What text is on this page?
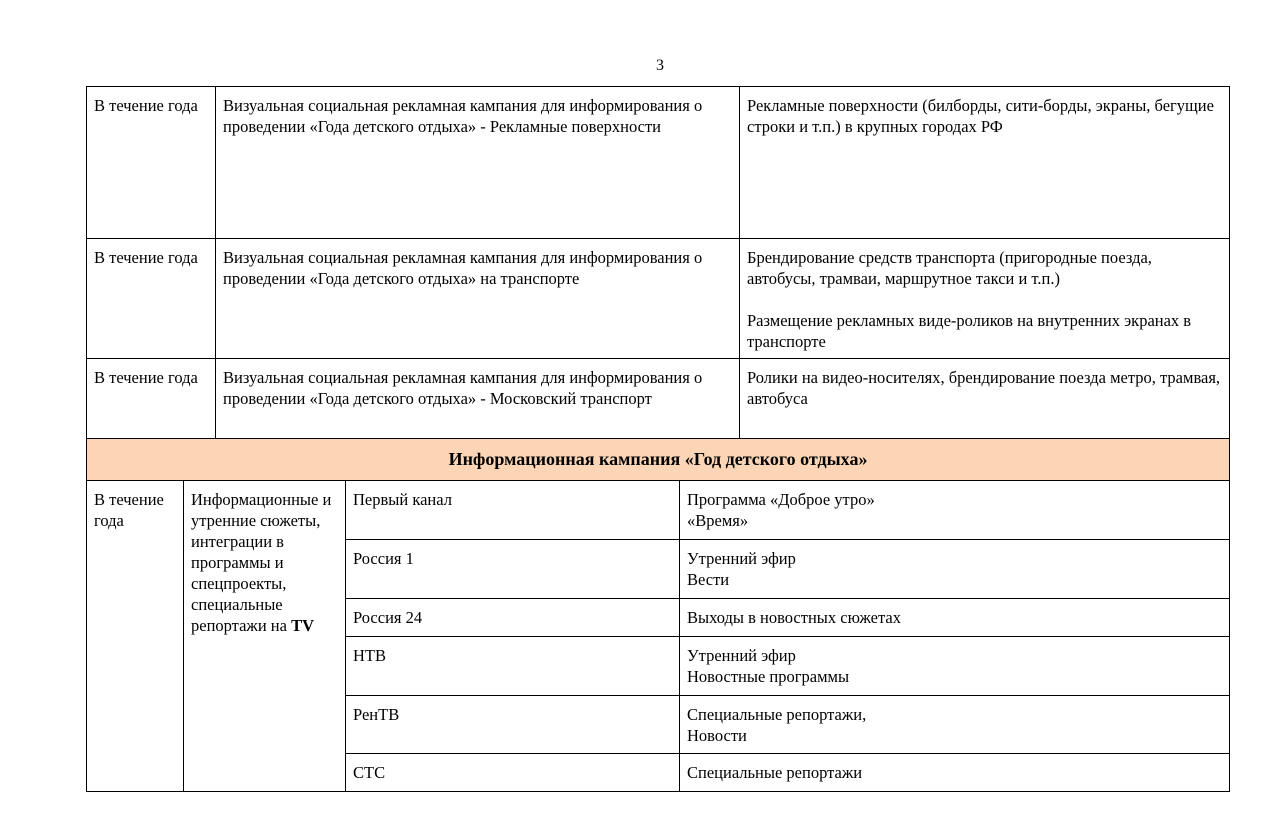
3
В течение года	Визуальная социальная рекламная кампания для информирования о проведении «Года детского отдыха» - Рекламные поверхности	Рекламные поверхности (билборды, сити-борды, экраны, бегущие строки и т.п.) в крупных городах РФ

В течение года	Визуальная социальная рекламная кампания для информирования о проведении «Года детского отдыха» на транспорте	Брендирование средств транспорта (пригородные поезда, автобусы, трамваи, маршрутное такси и т.п.)
Размещение рекламных виде-роликов на внутренних экранах в транспорте

В течение года	Визуальная социальная рекламная кампания для информирования о проведении «Года детского отдыха» - Московский транспорт	Ролики на видео-носителях, брендирование поезда метро, трамвая, автобуса
Информационная кампания «Год детского отдыха»			
В течение года	Информационные и утренние сюжеты, интеграции в программы и спецпроекты, специальные репортажи на TV	Первый канал	Программа «Доброе утро»
«Время»

		Россия 1	Утренний эфир
Вести

		Россия 24	Выходы в новостных сюжетах

		НТВ	Утренний эфир
Новостные программы

		РенТВ	Специальные репортажи,
Новости

		СТС	Специальные репортажи
